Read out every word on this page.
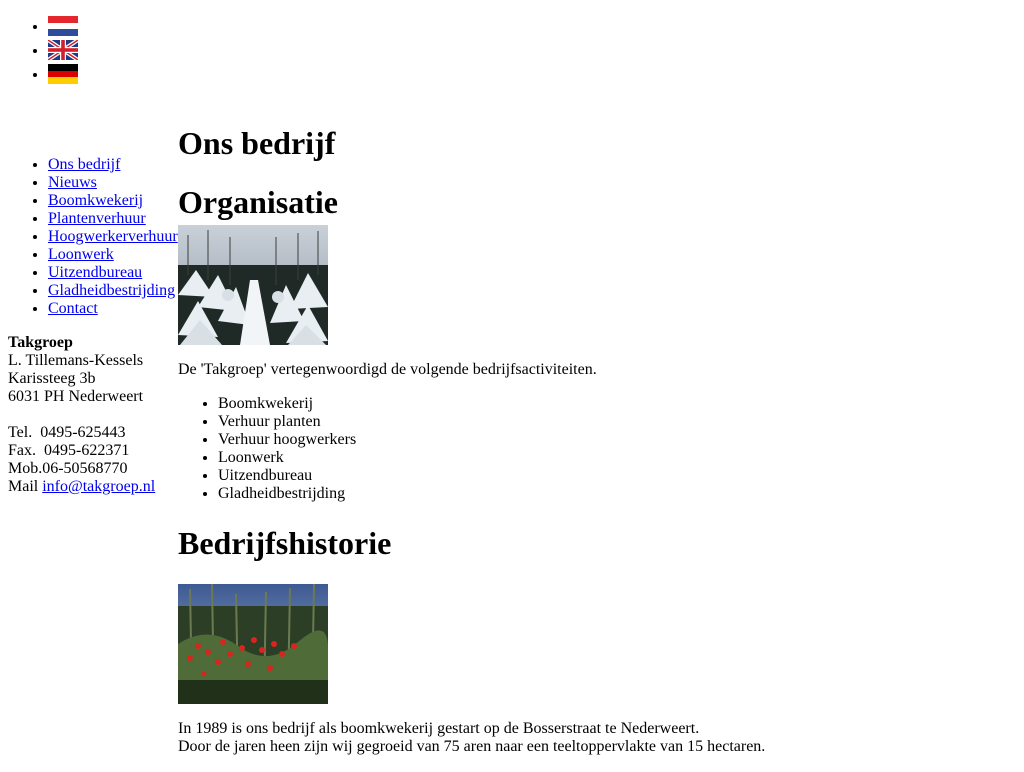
•
•
•
• Ons bedrijf
• Nieuws
• Boomkwekerij
• Plantenverhuur
• Hoogwerkerverhuur
• Loonwerk
• Uitzendbureau
• Gladheidbestrijding
• Contact
Takgroep
L. Tillemans-Kessels
Karissteeg 3b
6031 PH Nederweert
Tel.  0495-625443
Fax.  0495-622371
Mob.06-50568770
Mail info@takgroep.nl
Ons bedrijf
Organisatie

De 'Takgroep' vertegenwoordigd de volgende bedrijfsactiviteiten.

• Boomkwekerij
• Verhuur planten
• Verhuur hoogwerkers
• Loonwerk
• Uitzendbureau
• Gladheidbestrijding
Bedrijfshistorie

In 1989 is ons bedrijf als boomkwekerij gestart op de Bosserstraat te Nederweert.
Door de jaren heen zijn wij gegroeid van 75 aren naar een teeltoppervlakte van 15 hectaren.
